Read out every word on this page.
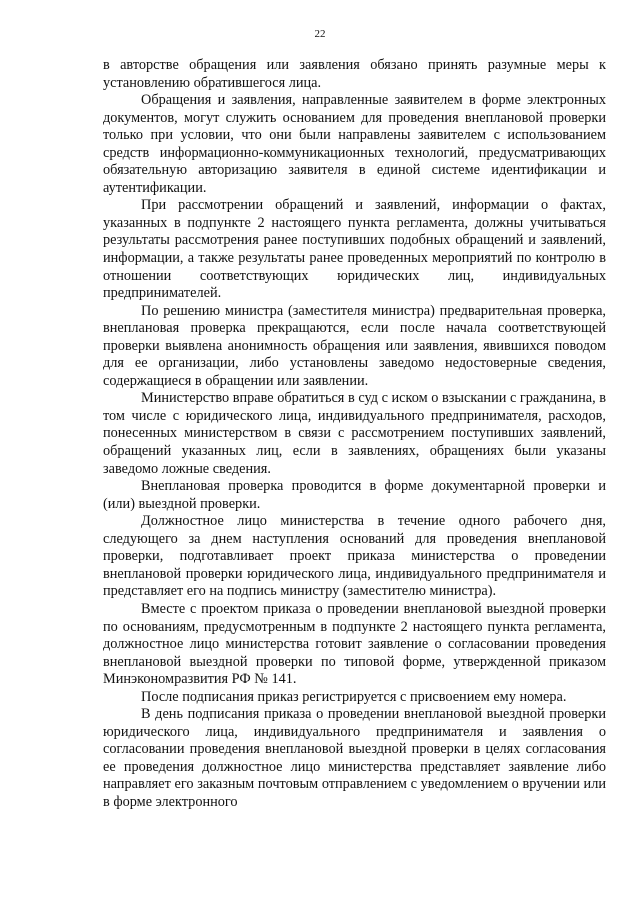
22

в авторстве обращения или заявления обязано принять разумные меры к установлению обратившегося лица.

Обращения и заявления, направленные заявителем в форме электронных документов, могут служить основанием для проведения внеплановой проверки только при условии, что они были направлены заявителем с использованием средств информационно-коммуникационных технологий, предусматривающих обязательную авторизацию заявителя в единой системе идентификации и аутентификации.

При рассмотрении обращений и заявлений, информации о фактах, указанных в подпункте 2 настоящего пункта регламента, должны учитываться результаты рассмотрения ранее поступивших подобных обращений и заявлений, информации, а также результаты ранее проведенных мероприятий по контролю в отношении соответствующих юридических лиц, индивидуальных предпринимателей.

По решению министра (заместителя министра) предварительная проверка, внеплановая проверка прекращаются, если после начала соответствующей проверки выявлена анонимность обращения или заявления, явившихся поводом для ее организации, либо установлены заведомо недостоверные сведения, содержащиеся в обращении или заявлении.

Министерство вправе обратиться в суд с иском о взыскании с гражданина, в том числе с юридического лица, индивидуального предпринимателя, расходов, понесенных министерством в связи с рассмотрением поступивших заявлений, обращений указанных лиц, если в заявлениях, обращениях были указаны заведомо ложные сведения.

Внеплановая проверка проводится в форме документарной проверки и (или) выездной проверки.

Должностное лицо министерства в течение одного рабочего дня, следующего за днем наступления оснований для проведения внеплановой проверки, подготавливает проект приказа министерства о проведении внеплановой проверки юридического лица, индивидуального предпринимателя и представляет его на подпись министру (заместителю министра).

Вместе с проектом приказа о проведении внеплановой выездной проверки по основаниям, предусмотренным в подпункте 2 настоящего пункта регламента, должностное лицо министерства готовит заявление о согласовании проведения внеплановой выездной проверки по типовой форме, утвержденной приказом Минэкономразвития РФ № 141.

После подписания приказ регистрируется с присвоением ему номера.

В день подписания приказа о проведении внеплановой выездной проверки юридического лица, индивидуального предпринимателя и заявления о согласовании проведения внеплановой выездной проверки в целях согласования ее проведения должностное лицо министерства представляет заявление либо направляет его заказным почтовым отправлением с уведомлением о вручении или в форме электронного
